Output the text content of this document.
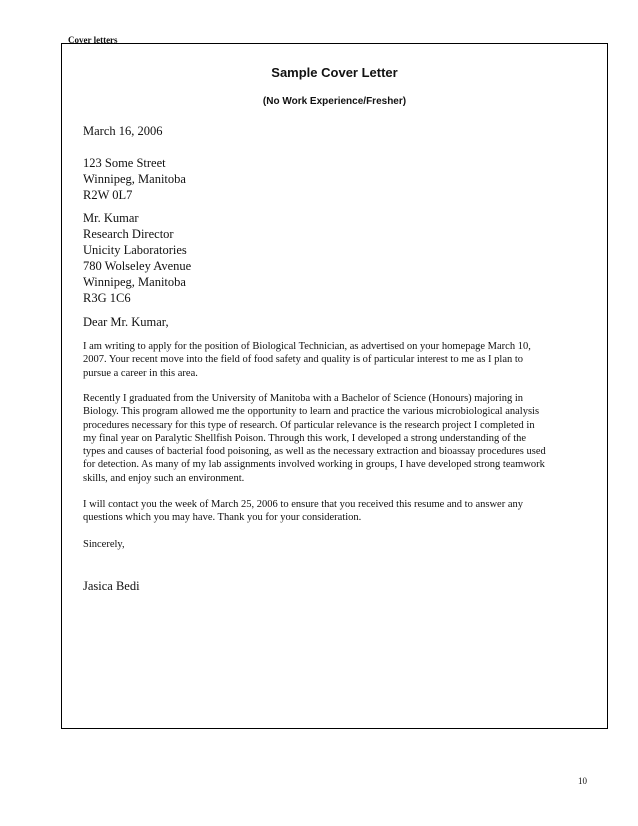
Cover letters
Sample Cover Letter
(No Work Experience/Fresher)
March 16, 2006
123 Some Street
Winnipeg, Manitoba
R2W 0L7
Mr. Kumar
Research Director
Unicity Laboratories
780 Wolseley Avenue
Winnipeg, Manitoba
R3G 1C6
Dear Mr. Kumar,
I am writing to apply for the position of Biological Technician, as advertised on your homepage March 10,
2007. Your recent move into the field of food safety and quality is of particular interest to me as I plan to
pursue a career in this area.
Recently I graduated from the University of Manitoba with a Bachelor of Science (Honours) majoring in
Biology. This program allowed me the opportunity to learn and practice the various microbiological analysis
procedures necessary for this type of research. Of particular relevance is the research project I completed in
my final year on Paralytic Shellfish Poison. Through this work, I developed a strong understanding of the
types and causes of bacterial food poisoning, as well as the necessary extraction and bioassay procedures used
for detection. As many of my lab assignments involved working in groups, I have developed strong teamwork
skills, and enjoy such an environment.
I will contact you the week of March 25, 2006 to ensure that you received this resume and to answer any
questions which you may have. Thank you for your consideration.
Sincerely,
Jasica Bedi
10
